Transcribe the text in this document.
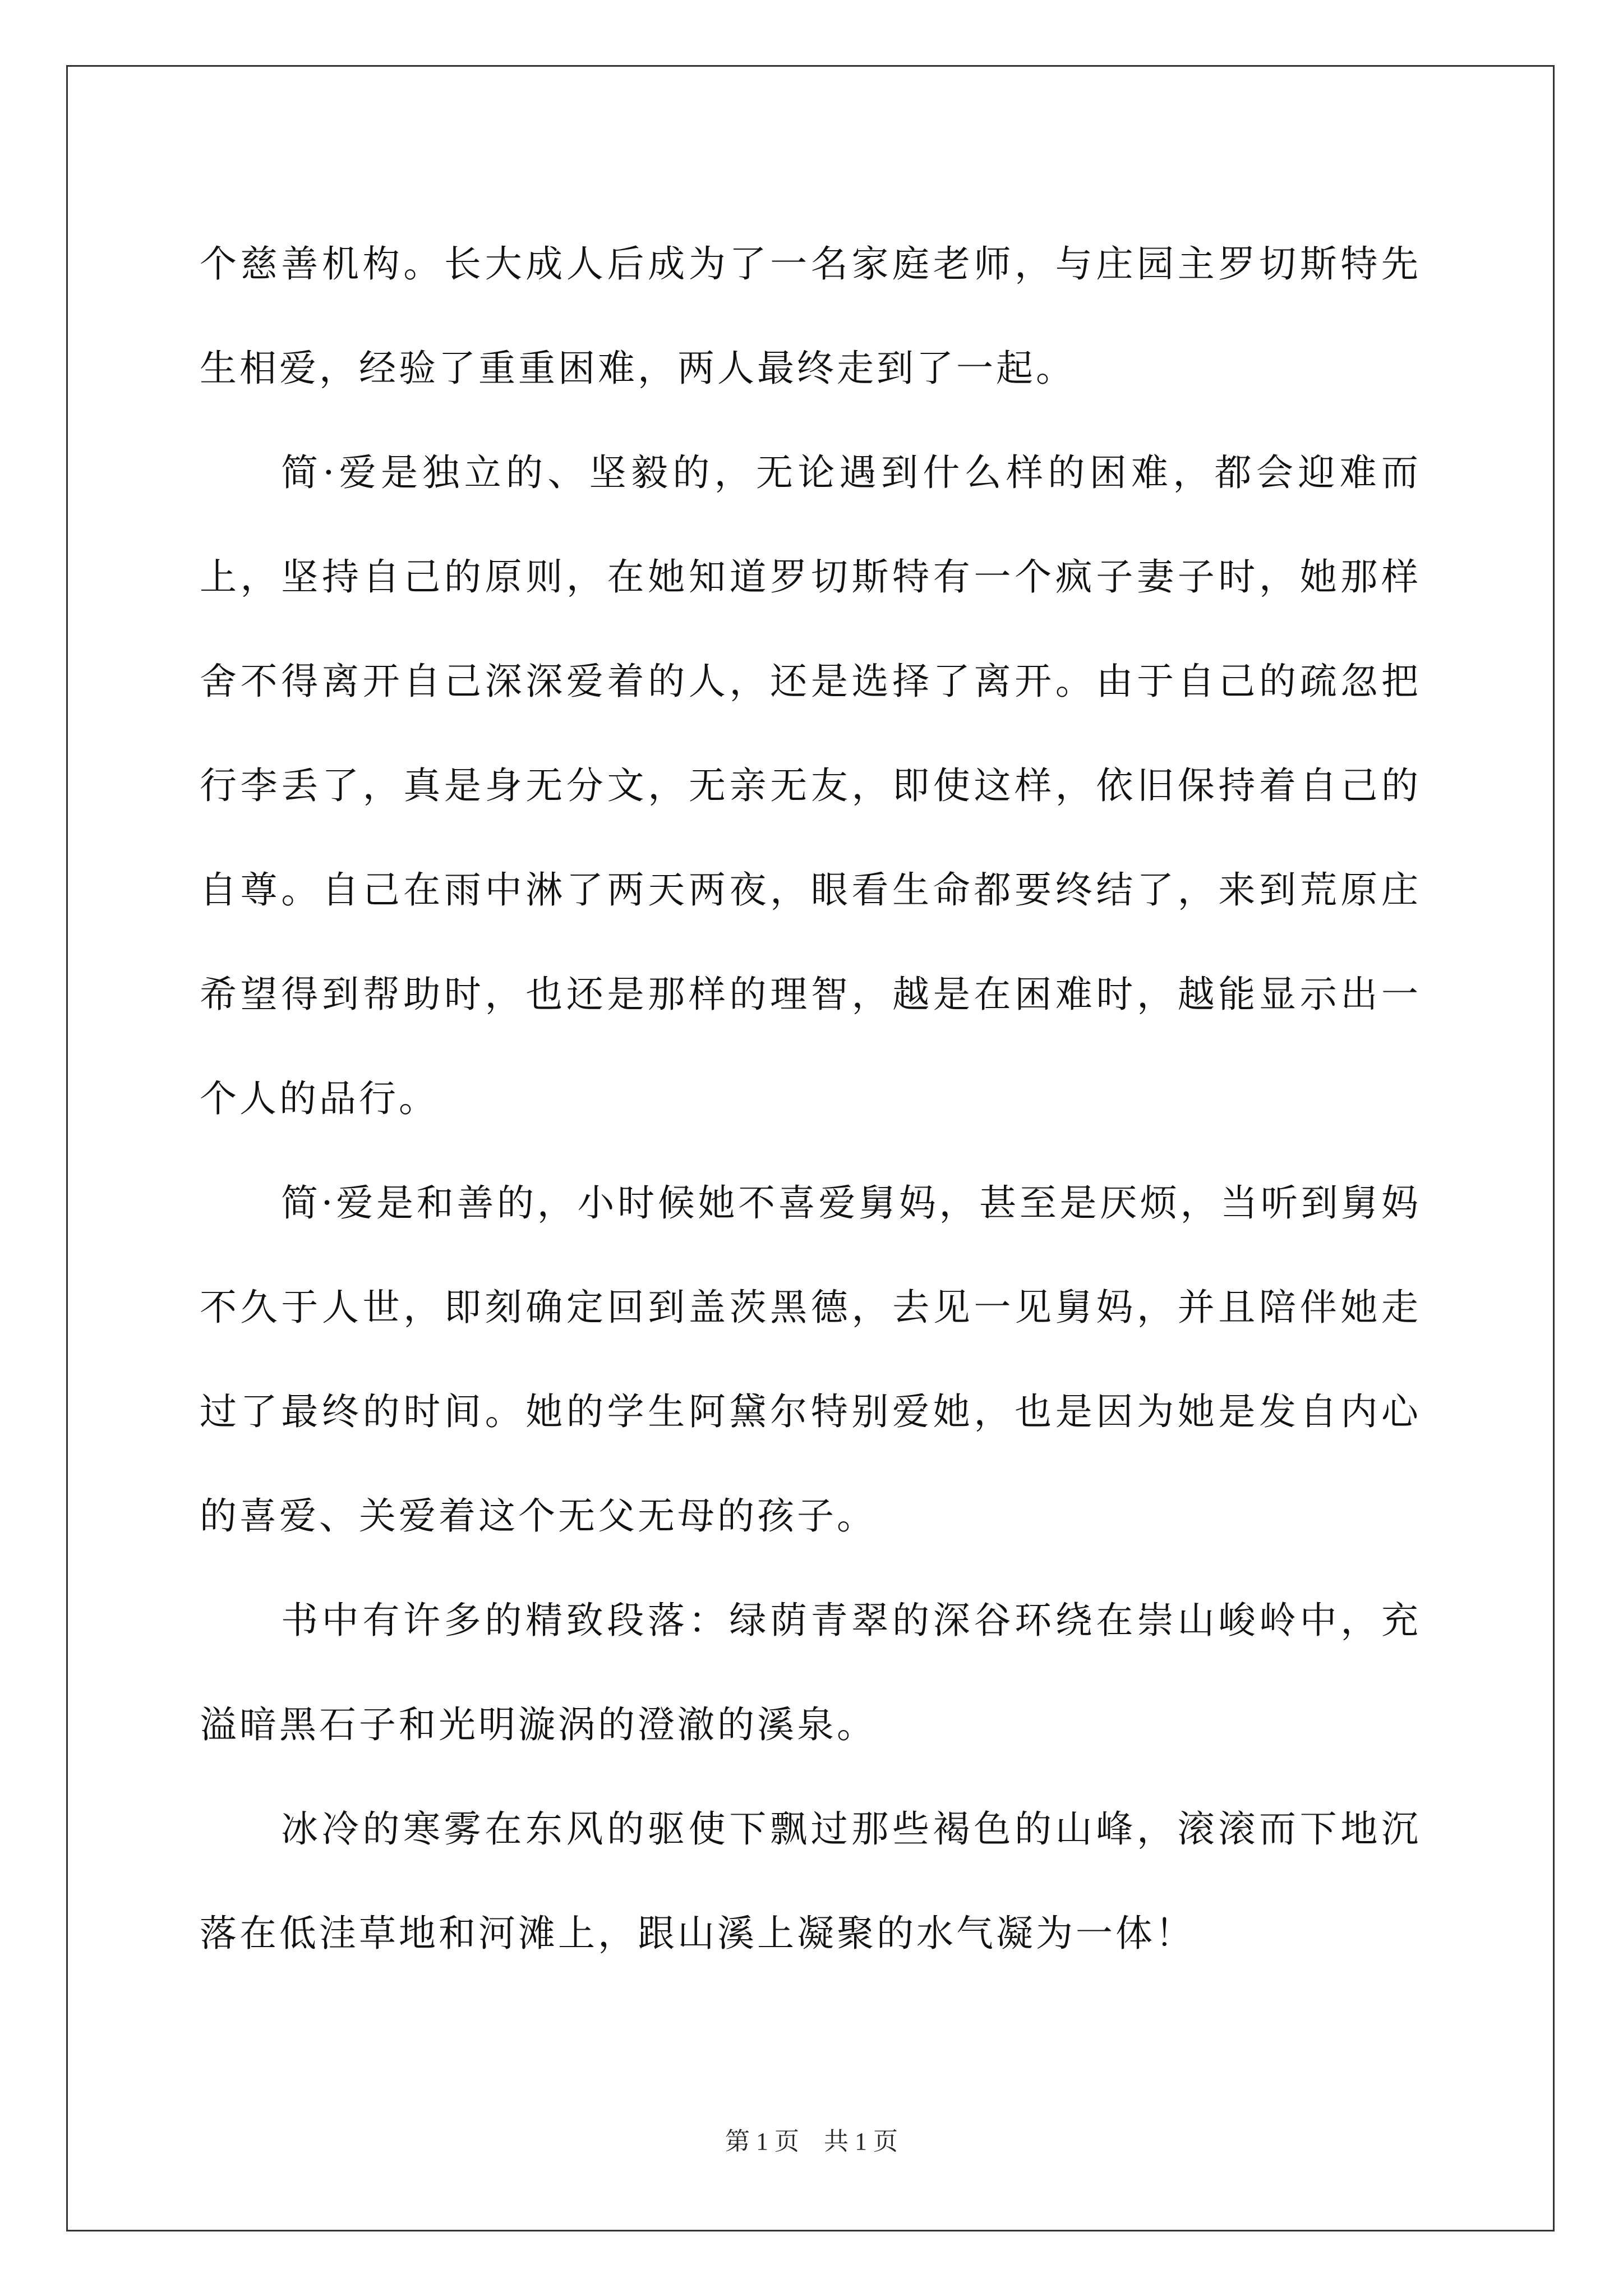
个慈善机构。长大成人后成为了一名家庭老师，与庄园主罗切斯特先生相爱，经验了重重困难，两人最终走到了一起。

简·爱是独立的、坚毅的，无论遇到什么样的困难，都会迎难而上，坚持自己的原则，在她知道罗切斯特有一个疯子妻子时，她那样舍不得离开自己深深爱着的人，还是选择了离开。由于自己的疏忽把行李丢了，真是身无分文，无亲无友，即使这样，依旧保持着自己的自尊。自己在雨中淋了两天两夜，眼看生命都要终结了，来到荒原庄希望得到帮助时，也还是那样的理智，越是在困难时，越能显示出一个人的品行。

简·爱是和善的，小时候她不喜爱舅妈，甚至是厌烦，当听到舅妈不久于人世，即刻确定回到盖茨黑德，去见一见舅妈，并且陪伴她走过了最终的时间。她的学生阿黛尔特别爱她，也是因为她是发自内心的喜爱、关爱着这个无父无母的孩子。

书中有许多的精致段落：绿荫青翠的深谷环绕在崇山峻岭中，充溢暗黑石子和光明漩涡的澄澈的溪泉。

冰冷的寒雾在东风的驱使下飘过那些褐色的山峰，滚滚而下地沉落在低洼草地和河滩上，跟山溪上凝聚的水气凝为一体！

第 1 页　共 1 页
